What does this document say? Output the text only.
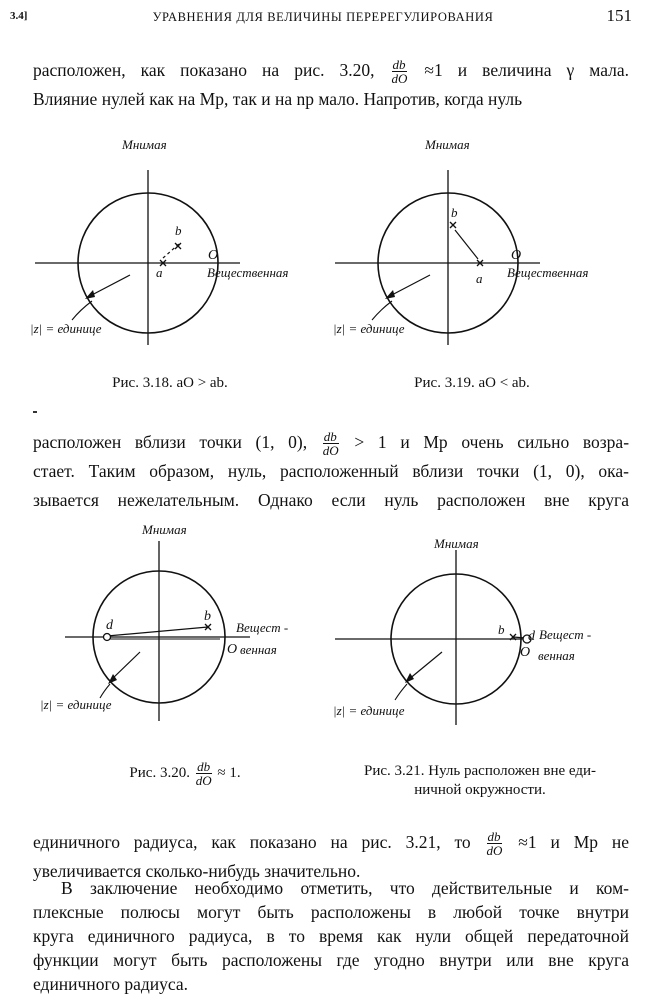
3.4]	УРАВНЕНИЯ ДЛЯ ВЕЛИЧИНЫ ПЕРЕРЕГУЛИРОВАНИЯ	151
расположен, как показано на рис. 3.20, $\frac{db}{dO} \approx 1$ и величина γ мала.
Влияние нулей как на Mp, так и на np мало. Напротив, когда нуль
Мнимая
Вещественная
O
a
b
|z| = единице
Рис. 3.18. aO > ab.
Мнимая
Вещественная
O
a
b
|z| = единице
Рис. 3.19. aO < ab.
расположен вблизи точки (1, 0), $\frac{db}{dO} > 1$ и Mp очень сильно возра-
стает. Таким образом, нуль, расположенный вблизи точки (1, 0), ока-
зывается нежелательным. Однако если нуль расположен вне круга
Мнимая
Вещест -
венная
O
d
b
|z| = единице
Рис. 3.20. $\frac{db}{dO} \approx 1$.
Мнимая
Вещест -
венная
O
d
b
|z| = единице
Рис. 3.21. Нуль расположен вне еди-
ничной окружности.
единичного радиуса, как показано на рис. 3.21, то $\frac{db}{dO} \approx 1$ и Mp не
увеличивается сколько-нибудь значительно.
В заключение необходимо отметить, что действительные и ком-
плексные полюсы могут быть расположены в любой точке внутри
круга единичного радиуса, в то время как нули общей передаточной
функции могут быть расположены где угодно внутри или вне круга
единичного радиуса.
